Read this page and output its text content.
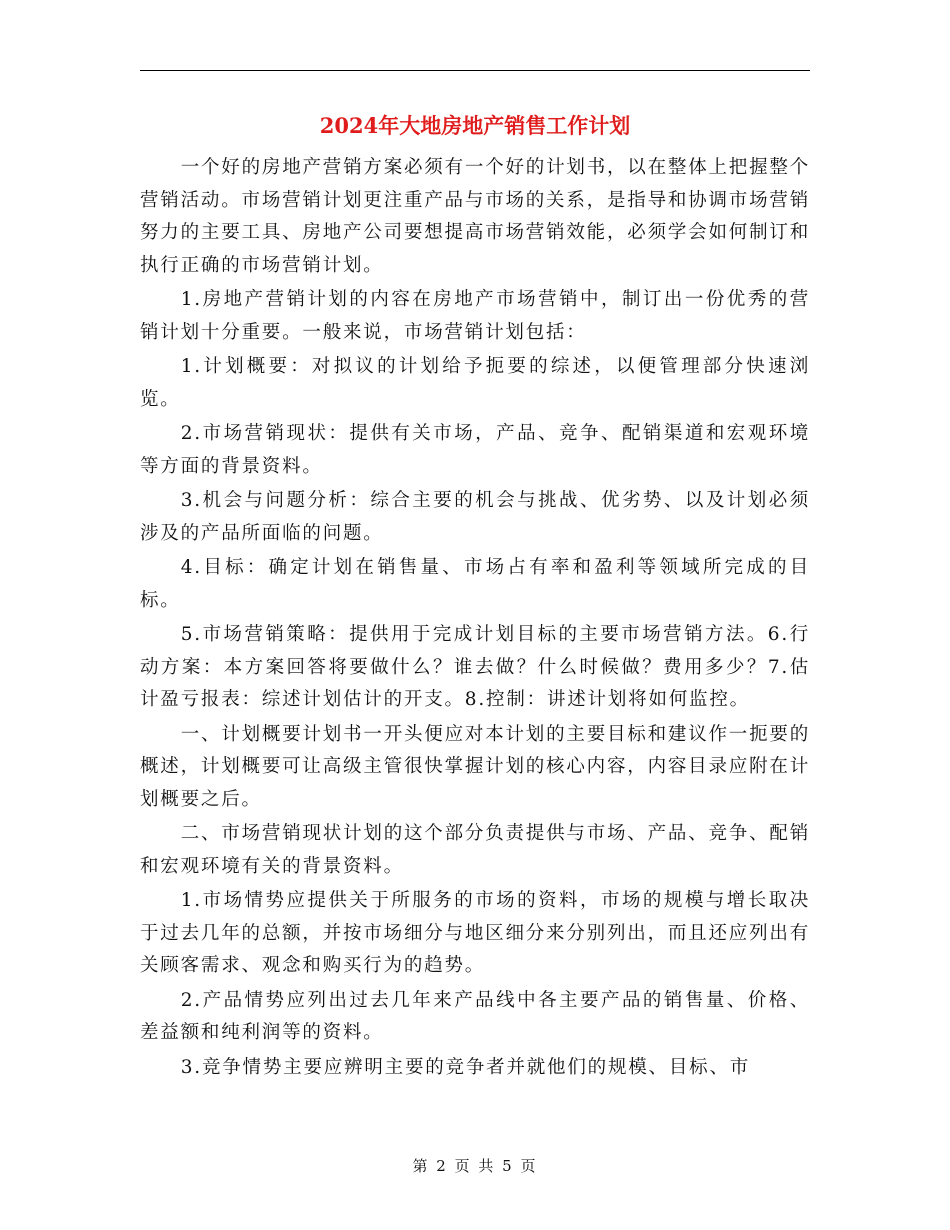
2024年大地房地产销售工作计划

一个好的房地产营销方案必须有一个好的计划书，以在整体上把握整个营销活动。市场营销计划更注重产品与市场的关系，是指导和协调市场营销努力的主要工具、房地产公司要想提高市场营销效能，必须学会如何制订和执行正确的市场营销计划。

1.房地产营销计划的内容在房地产市场营销中，制订出一份优秀的营销计划十分重要。一般来说，市场营销计划包括：

1.计划概要：对拟议的计划给予扼要的综述，以便管理部分快速浏览。

2.市场营销现状：提供有关市场，产品、竞争、配销渠道和宏观环境等方面的背景资料。

3.机会与问题分析：综合主要的机会与挑战、优劣势、以及计划必须涉及的产品所面临的问题。

4.目标：确定计划在销售量、市场占有率和盈利等领域所完成的目标。

5.市场营销策略：提供用于完成计划目标的主要市场营销方法。6.行动方案：本方案回答将要做什么？谁去做？什么时候做？费用多少？7.估计盈亏报表：综述计划估计的开支。8.控制：讲述计划将如何监控。

一、计划概要计划书一开头便应对本计划的主要目标和建议作一扼要的概述，计划概要可让高级主管很快掌握计划的核心内容，内容目录应附在计划概要之后。

二、市场营销现状计划的这个部分负责提供与市场、产品、竞争、配销和宏观环境有关的背景资料。

1.市场情势应提供关于所服务的市场的资料，市场的规模与增长取决于过去几年的总额，并按市场细分与地区细分来分别列出，而且还应列出有关顾客需求、观念和购买行为的趋势。

2.产品情势应列出过去几年来产品线中各主要产品的销售量、价格、差益额和纯利润等的资料。

3.竞争情势主要应辨明主要的竞争者并就他们的规模、目标、市

第 2 页 共 5 页
